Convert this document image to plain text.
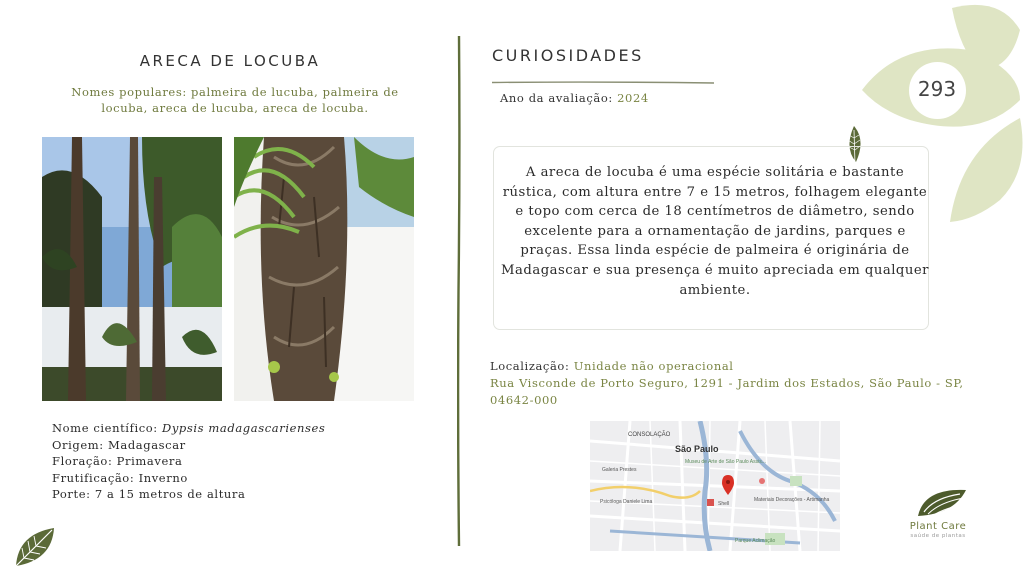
ARECA DE LOCUBA
Nomes populares: palmeira de lucuba, palmeira de locuba, areca de lucuba, areca de locuba.
Nome científico: Dypsis madagascarienses
Origem: Madagascar
Floração: Primavera
Frutificação: Inverno
Porte: 7 a 15 metros de altura
CURIOSIDADES
Ano da avaliação: 2024
A areca de locuba é uma espécie solitária e bastante rústica, com altura entre 7 e 15 metros, folhagem elegante e topo com cerca de 18 centímetros de diâmetro, sendo excelente para a ornamentação de jardins, parques e praças. Essa linda espécie de palmeira é originária de Madagascar e sua presença é muito apreciada em qualquer ambiente.
Localização: Unidade não operacional
Rua Visconde de Porto Seguro, 1291 - Jardim dos Estados, São Paulo - SP, 04642-000
CONSOLAÇÃO
São Paulo
Museu de Arte de São Paulo Assis...
Psicóloga Daniele Lima	Shell
Materiais Decorações - Artimanha
Parque Aclimação
Galeria Prestes
293
Plant Care
saúde de plantas
